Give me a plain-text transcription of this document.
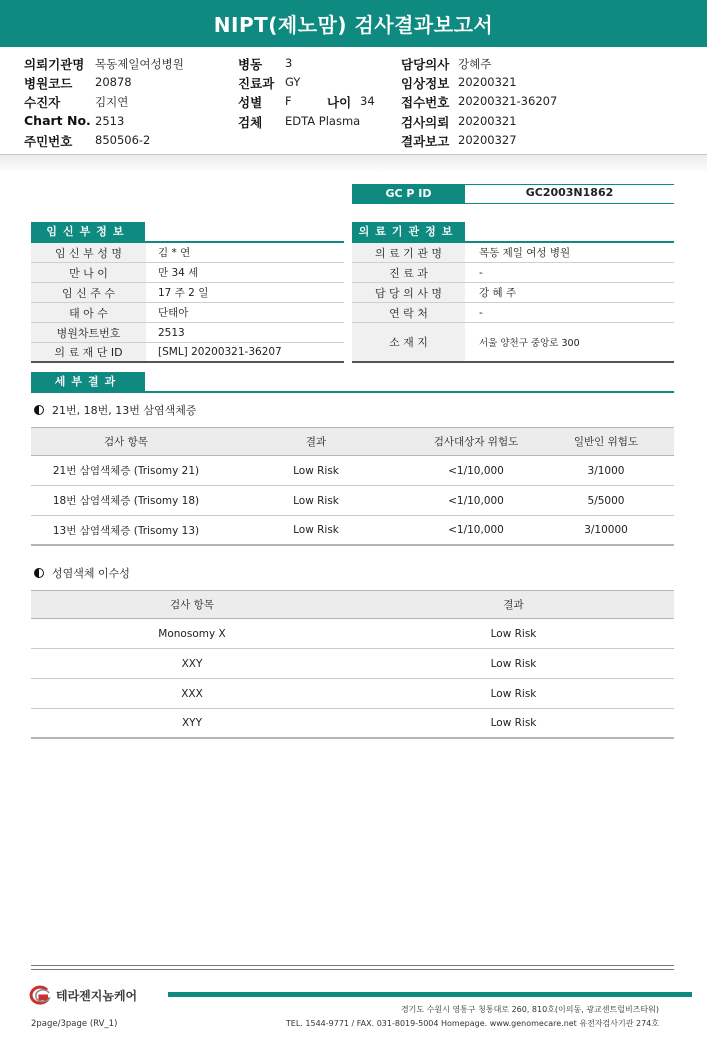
NIPT(제노맘) 검사결과보고서
의뢰기관명 목동제일여성병원
병원코드 20878
수진자	김지연
Chart No. 2513
주민번호 850506-2
병동 3
진료과 GY
성별 F	나이 34
검체 EDTA Plasma
담당의사 강혜주
임상정보 20200321
접수번호 20200321-36207
검사의뢰 20200321
결과보고 20200327
GC P ID	GC2003N1862
임신부정보
임 신 부 성 명	김 * 연
만 나 이	만 34 세
임 신 주 수	17 주 2 일
태 아 수	단태아
병원차트번호	2513
의 료 재 단 ID	[SML] 20200321-36207
의료기관정보
의 료 기 관 명	목동 제일 여성 병원
진 료 과	-
담 당 의 사 명	강 혜 주
연 락 처	-
소 재 지	서울 양천구 중앙로 300
세부결과
21번, 18번, 13번 삼염색체증
검사 항목	결과	검사대상자 위험도	일반인 위험도
21번 삼염색체증 (Trisomy 21)	Low Risk	<1/10,000	3/1000
18번 삼염색체증 (Trisomy 18)	Low Risk	<1/10,000	5/5000
13번 삼염색체증 (Trisomy 13)	Low Risk	<1/10,000	3/10000
성염색체 이수성
검사 항목	결과
Monosomy X	Low Risk
XXY	Low Risk
XXX	Low Risk
XYY	Low Risk
테라젠지놈케어
경기도 수원시 영통구 청통대로 260, 810호(이의동, 광교센트럴비즈타워)
TEL. 1544-9771 / FAX. 031-8019-5004 Homepage. www.genomecare.net 유전자검사기관 274호
2page/3page (RV_1)
